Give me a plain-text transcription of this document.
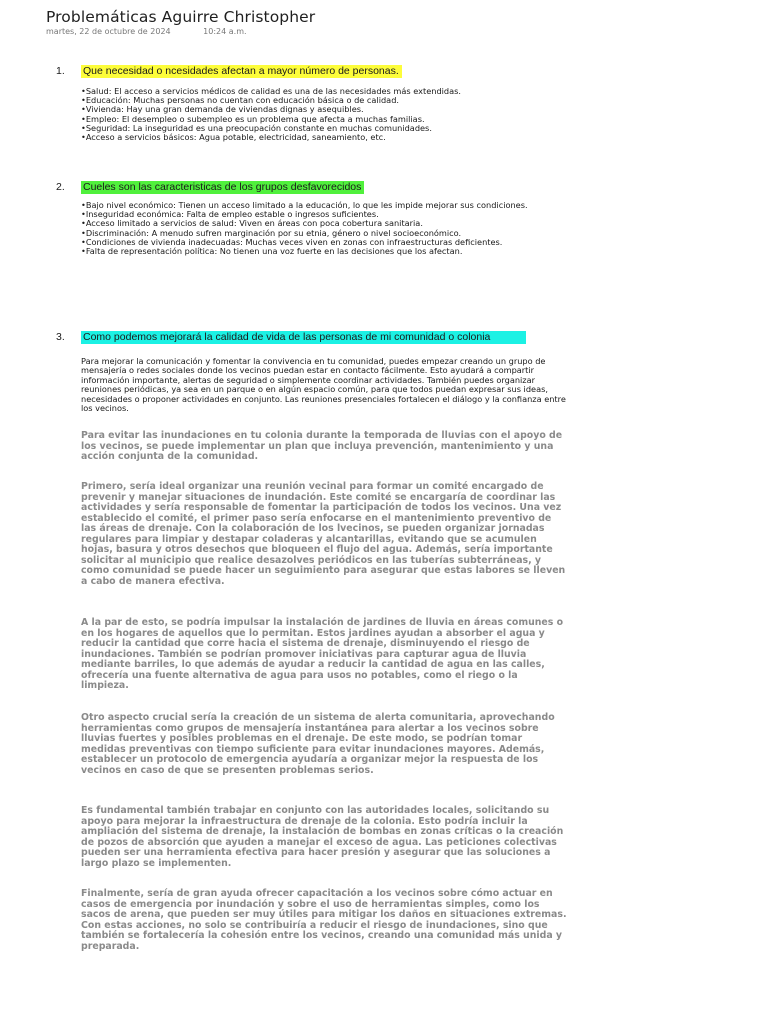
Problemáticas Aguirre Christopher
martes, 22 de octubre de 2024	10:24 a.m.
1. Que necesidad o ncesidades afectan a mayor número de personas.
•Salud: El acceso a servicios médicos de calidad es una de las necesidades más extendidas.
•Educación: Muchas personas no cuentan con educación básica o de calidad.
•Vivienda: Hay una gran demanda de viviendas dignas y asequibles.
•Empleo: El desempleo o subempleo es un problema que afecta a muchas familias.
•Seguridad: La inseguridad es una preocupación constante en muchas comunidades.
•Acceso a servicios básicos: Agua potable, electricidad, saneamiento, etc.
2. Cueles son las caracteristicas de los grupos desfavorecidos
•Bajo nivel económico: Tienen un acceso limitado a la educación, lo que les impide mejorar sus condiciones.
•Inseguridad económica: Falta de empleo estable o ingresos suficientes.
•Acceso limitado a servicios de salud: Viven en áreas con poca cobertura sanitaria.
•Discriminación: A menudo sufren marginación por su etnia, género o nivel socioeconómico.
•Condiciones de vivienda inadecuadas: Muchas veces viven en zonas con infraestructuras deficientes.
•Falta de representación política: No tienen una voz fuerte en las decisiones que los afectan.
3. Como podemos mejorará la calidad de vida de las personas de mi comunidad o colonia

Para mejorar la comunicación y fomentar la convivencia en tu comunidad, puedes empezar creando un grupo de mensajería o redes sociales donde los vecinos puedan estar en contacto fácilmente. Esto ayudará a compartir información importante, alertas de seguridad o simplemente coordinar actividades. También puedes organizar reuniones periódicas, ya sea en un parque o en algún espacio común, para que todos puedan expresar sus ideas, necesidades o proponer actividades en conjunto. Las reuniones presenciales fortalecen el diálogo y la confianza entre los vecinos.

Para evitar las inundaciones en tu colonia durante la temporada de lluvias con el apoyo de los vecinos, se puede implementar un plan que incluya prevención, mantenimiento y una acción conjunta de la comunidad.

Primero, sería ideal organizar una reunión vecinal para formar un comité encargado de prevenir y manejar situaciones de inundación. Este comité se encargaría de coordinar las actividades y sería responsable de fomentar la participación de todos los vecinos. Una vez establecido el comité, el primer paso sería enfocarse en el mantenimiento preventivo de las áreas de drenaje. Con la colaboración de los lvecinos, se pueden organizar jornadas regulares para limpiar y destapar coladeras y alcantarillas, evitando que se acumulen hojas, basura y otros desechos que bloqueen el flujo del agua. Además, sería importante solicitar al municipio que realice desazolves periódicos en las tuberías subterráneas, y como comunidad se puede hacer un seguimiento para asegurar que estas labores se lleven a cabo de manera efectiva.

A la par de esto, se podría impulsar la instalación de jardines de lluvia en áreas comunes o en los hogares de aquellos que lo permitan. Estos jardines ayudan a absorber el agua y reducir la cantidad que corre hacia el sistema de drenaje, disminuyendo el riesgo de inundaciones. También se podrían promover iniciativas para capturar agua de lluvia mediante barriles, lo que además de ayudar a reducir la cantidad de agua en las calles, ofrecería una fuente alternativa de agua para usos no potables, como el riego o la limpieza.

Otro aspecto crucial sería la creación de un sistema de alerta comunitaria, aprovechando herramientas como grupos de mensajería instantánea para alertar a los vecinos sobre lluvias fuertes y posibles problemas en el drenaje. De este modo, se podrían tomar medidas preventivas con tiempo suficiente para evitar inundaciones mayores. Además, establecer un protocolo de emergencia ayudaría a organizar mejor la respuesta de los vecinos en caso de que se presenten problemas serios.

Es fundamental también trabajar en conjunto con las autoridades locales, solicitando su apoyo para mejorar la infraestructura de drenaje de la colonia. Esto podría incluir la ampliación del sistema de drenaje, la instalación de bombas en zonas críticas o la creación de pozos de absorción que ayuden a manejar el exceso de agua. Las peticiones colectivas pueden ser una herramienta efectiva para hacer presión y asegurar que las soluciones a largo plazo se implementen.

Finalmente, sería de gran ayuda ofrecer capacitación a los vecinos sobre cómo actuar en casos de emergencia por inundación y sobre el uso de herramientas simples, como los sacos de arena, que pueden ser muy útiles para mitigar los daños en situaciones extremas. Con estas acciones, no solo se contribuiría a reducir el riesgo de inundaciones, sino que también se fortalecería la cohesión entre los vecinos, creando una comunidad más unida y preparada.
